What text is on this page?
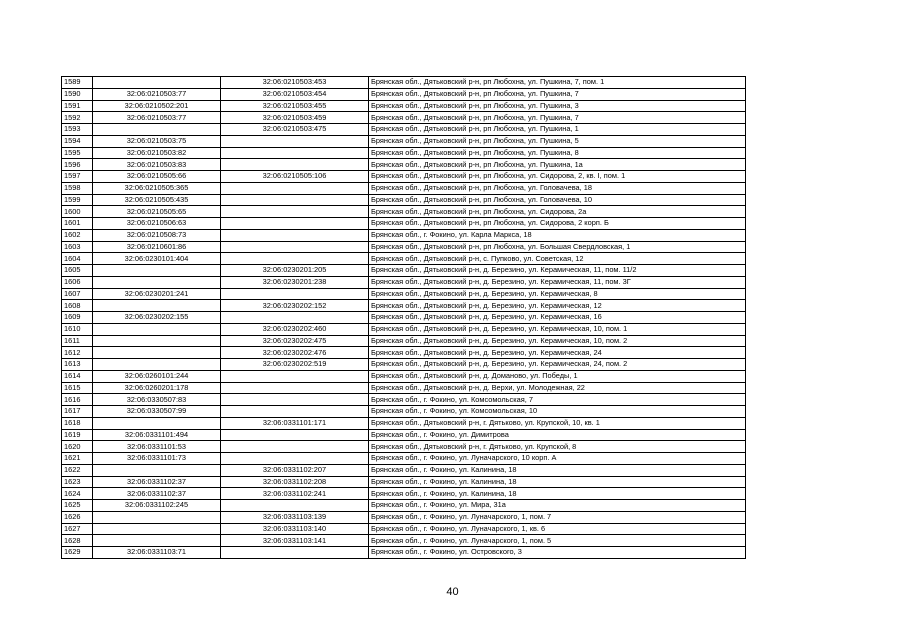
1589		32:06:0210503:453	Брянская обл., Дятьковский р-н, рп Любохна, ул. Пушкина, 7, пом. 1
1590	32:06:0210503:77	32:06:0210503:454	Брянская обл., Дятьковский р-н, рп Любохна, ул. Пушкина, 7
1591	32:06:0210502:201	32:06:0210503:455	Брянская обл., Дятьковский р-н, рп Любохна, ул. Пушкина, 3
1592	32:06:0210503:77	32:06:0210503:459	Брянская обл., Дятьковский р-н, рп Любохна, ул. Пушкина, 7
1593		32:06:0210503:475	Брянская обл., Дятьковский р-н, рп Любохна, ул. Пушкина, 1
1594	32:06:0210503:75		Брянская обл., Дятьковский р-н, рп Любохна, ул. Пушкина, 5
1595	32:06:0210503:82		Брянская обл., Дятьковский р-н, рп Любохна, ул. Пушкина, 8
1596	32:06:0210503:83		Брянская обл., Дятьковский р-н, рп Любохна, ул. Пушкина, 1а
1597	32:06:0210505:66	32:06:0210505:106	Брянская обл., Дятьковский р-н, рп Любохна, ул. Сидорова, 2, кв. I, пом. 1
1598	32:06:0210505:365		Брянская обл., Дятьковский р-н, рп Любохна, ул. Головачева, 18
1599	32:06:0210505:435		Брянская обл., Дятьковский р-н, рп Любохна, ул. Головачева, 10
1600	32:06:0210505:65		Брянская обл., Дятьковский р-н, рп Любохна, ул. Сидорова, 2а
1601	32:06:0210506:63		Брянская обл., Дятьковский р-н, рп Любохна, ул. Сидорова, 2 корп. Б
1602	32:06:0210508:73		Брянская обл., г. Фокино, ул. Карла Маркса, 18
1603	32:06:0210601:86		Брянская обл., Дятьковский р-н, рп Любохна, ул. Большая Свердловская, 1
1604	32:06:0230101:404		Брянская обл., Дятьковский р-н, с. Пупково, ул. Советская, 12
1605		32:06:0230201:205	Брянская обл., Дятьковский р-н, д. Березино, ул. Керамическая, 11, пом. 11/2
1606		32:06:0230201:238	Брянская обл., Дятьковский р-н, д. Березино, ул. Керамическая, 11, пом. 3Г
1607	32:06:0230201:241		Брянская обл., Дятьковский р-н, д. Березино, ул. Керамическая, 8
1608		32:06:0230202:152	Брянская обл., Дятьковский р-н, д. Березино, ул. Керамическая, 12
1609	32:06:0230202:155		Брянская обл., Дятьковский р-н, д. Березино, ул. Керамическая, 16
1610		32:06:0230202:460	Брянская обл., Дятьковский р-н, д. Березино, ул. Керамическая, 10, пом. 1
1611		32:06:0230202:475	Брянская обл., Дятьковский р-н, д. Березино, ул. Керамическая, 10, пом. 2
1612		32:06:0230202:476	Брянская обл., Дятьковский р-н, д. Березино, ул. Керамическая, 24
1613		32:06:0230202:519	Брянская обл., Дятьковский р-н, д. Березино, ул. Керамическая, 24, пом. 2
1614	32:06:0260101:244		Брянская обл., Дятьковский р-н, д. Доманово, ул. Победы, 1
1615	32:06:0260201:178		Брянская обл., Дятьковский р-н, д. Верхи, ул. Молодежная, 22
1616	32:06:0330507:83		Брянская обл., г. Фокино, ул. Комсомольская, 7
1617	32:06:0330507:99		Брянская обл., г. Фокино, ул. Комсомольская, 10
1618		32:06:0331101:171	Брянская обл., Дятьковский р-н, г. Дятьково, ул. Крупской, 10, кв. 1
1619	32:06:0331101:494		Брянская обл., г. Фокино, ул. Димитрова
1620	32:06:0331101:53		Брянская обл., Дятьковский р-н, г. Дятьково, ул. Крупской, 8
1621	32:06:0331101:73		Брянская обл., г. Фокино, ул. Луначарского, 10 корп. А
1622		32:06:0331102:207	Брянская обл., г. Фокино, ул. Калинина, 18
1623	32:06:0331102:37	32:06:0331102:208	Брянская обл., г. Фокино, ул. Калинина, 18
1624	32:06:0331102:37	32:06:0331102:241	Брянская обл., г. Фокино, ул. Калинина, 18
1625	32:06:0331102:245		Брянская обл., г. Фокино, ул. Мира, 31а
1626		32:06:0331103:139	Брянская обл., г. Фокино, ул. Луначарского, 1, пом. 7
1627		32:06:0331103:140	Брянская обл., г. Фокино, ул. Луначарского, 1, кв. 6
1628		32:06:0331103:141	Брянская обл., г. Фокино, ул. Луначарского, 1, пом. 5
1629	32:06:0331103:71		Брянская обл., г. Фокино, ул. Островского, 3
40
